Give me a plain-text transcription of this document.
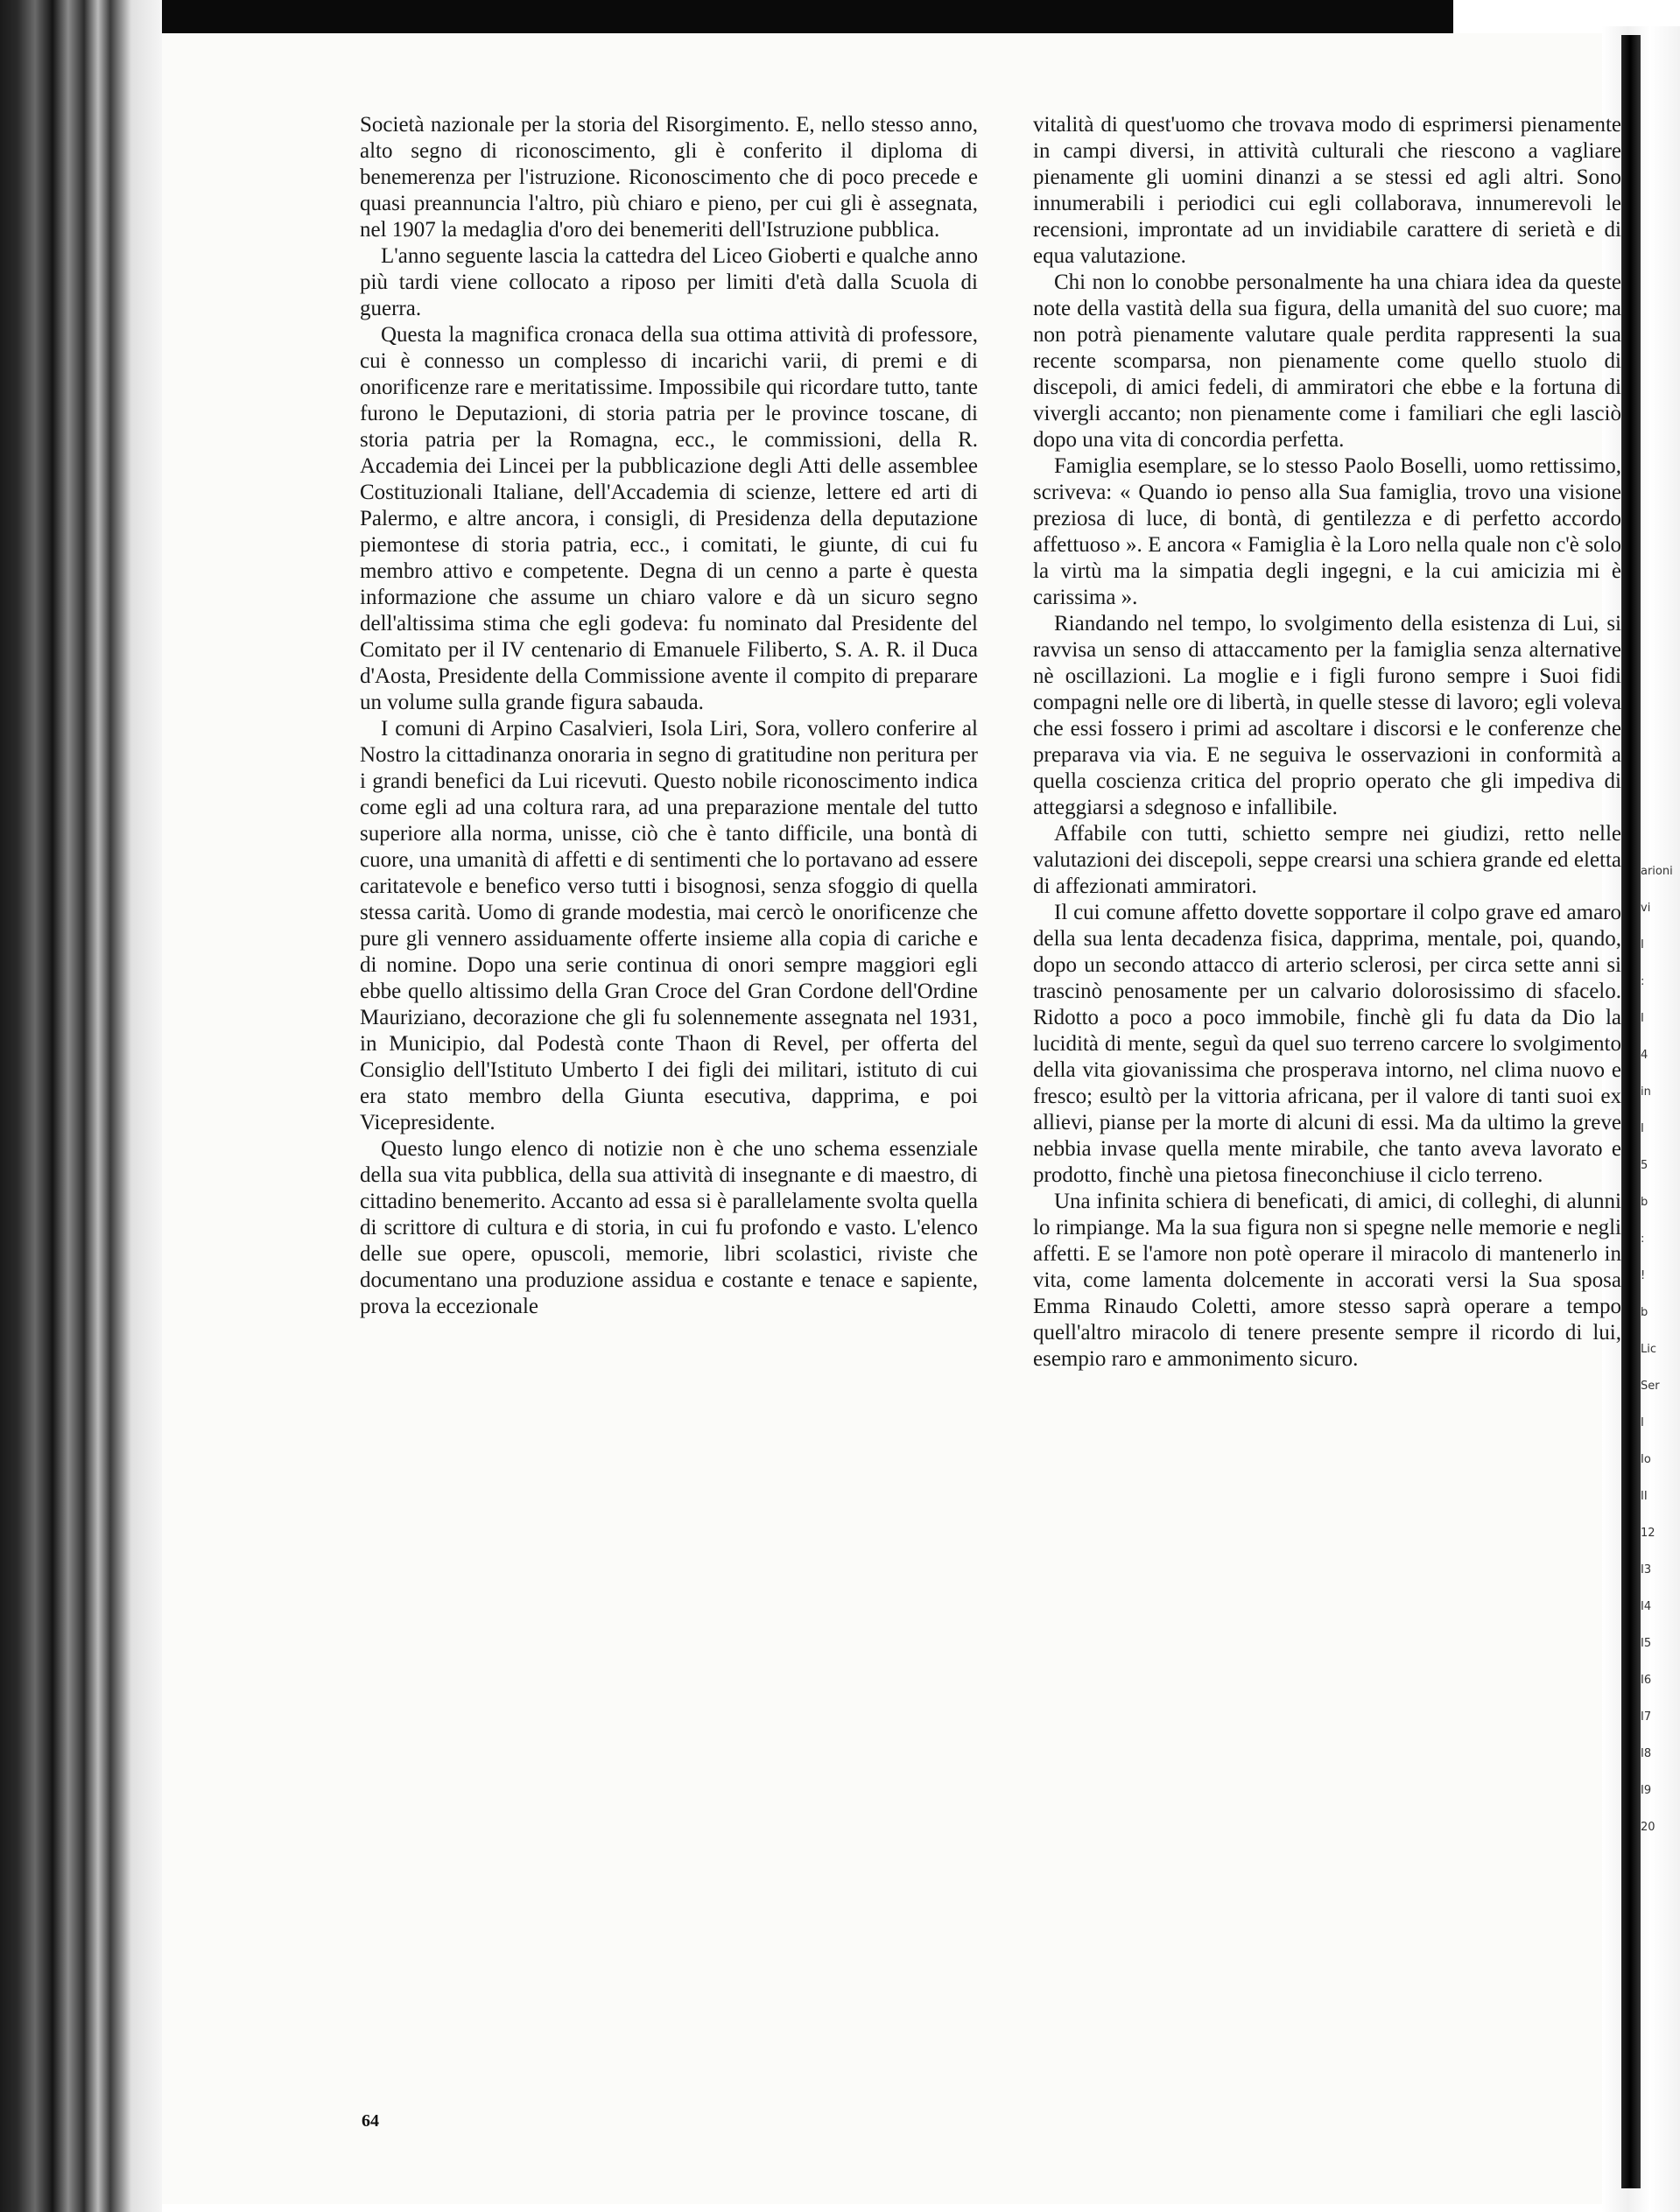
Società nazionale per la storia del Risorgimento. E, nello stesso anno, alto segno di riconoscimento, gli è conferito il diploma di benemerenza per l'istruzione. Riconoscimento che di poco precede e quasi preannuncia l'altro, più chiaro e pieno, per cui gli è assegnata, nel 1907 la medaglia d'oro dei benemeriti dell'Istruzione pubblica.

L'anno seguente lascia la cattedra del Liceo Gioberti e qualche anno più tardi viene collocato a riposo per limiti d'età dalla Scuola di guerra.

Questa la magnifica cronaca della sua ottima attività di professore, cui è connesso un complesso di incarichi varii, di premi e di onorificenze rare e meritatissime. Impossibile qui ricordare tutto, tante furono le Deputazioni, di storia patria per le province toscane, di storia patria per la Romagna, ecc., le commissioni, della R. Accademia dei Lincei per la pubblicazione degli Atti delle assemblee Costituzionali Italiane, dell'Accademia di scienze, lettere ed arti di Palermo, e altre ancora, i consigli, di Presidenza della deputazione piemontese di storia patria, ecc., i comitati, le giunte, di cui fu membro attivo e competente. Degna di un cenno a parte è questa informazione che assume un chiaro valore e dà un sicuro segno dell'altissima stima che egli godeva: fu nominato dal Presidente del Comitato per il IV centenario di Emanuele Filiberto, S. A. R. il Duca d'Aosta, Presidente della Commissione avente il compito di preparare un volume sulla grande figura sabauda.

I comuni di Arpino Casalvieri, Isola Liri, Sora, vollero conferire al Nostro la cittadinanza onoraria in segno di gratitudine non peritura per i grandi benefici da Lui ricevuti. Questo nobile riconoscimento indica come egli ad una coltura rara, ad una preparazione mentale del tutto superiore alla norma, unisse, ciò che è tanto difficile, una bontà di cuore, una umanità di affetti e di sentimenti che lo portavano ad essere caritatevole e benefico verso tutti i bisognosi, senza sfoggio di quella stessa carità. Uomo di grande modestia, mai cercò le onorificenze che pure gli vennero assiduamente offerte insieme alla copia di cariche e di nomine. Dopo una serie continua di onori sempre maggiori egli ebbe quello altissimo della Gran Croce del Gran Cordone dell'Ordine Mauriziano, decorazione che gli fu solennemente assegnata nel 1931, in Municipio, dal Podestà conte Thaon di Revel, per offerta del Consiglio dell'Istituto Umberto I dei figli dei militari, istituto di cui era stato membro della Giunta esecutiva, dapprima, e poi Vicepresidente.

Questo lungo elenco di notizie non è che uno schema essenziale della sua vita pubblica, della sua attività di insegnante e di maestro, di cittadino benemerito. Accanto ad essa si è parallelamente svolta quella di scrittore di cultura e di storia, in cui fu profondo e vasto. L'elenco delle sue opere, opuscoli, memorie, libri scolastici, riviste che documentano una produzione assidua e costante e tenace e sapiente, prova la eccezionale

vitalità di quest'uomo che trovava modo di esprimersi pienamente in campi diversi, in attività culturali che riescono a vagliare pienamente gli uomini dinanzi a se stessi ed agli altri. Sono innumerabili i periodici cui egli collaborava, innumerevoli le recensioni, improntate ad un invidiabile carattere di serietà e di equa valutazione.

Chi non lo conobbe personalmente ha una chiara idea da queste note della vastità della sua figura, della umanità del suo cuore; ma non potrà pienamente valutare quale perdita rappresenti la sua recente scomparsa, non pienamente come quello stuolo di discepoli, di amici fedeli, di ammiratori che ebbe e la fortuna di vivergli accanto; non pienamente come i familiari che egli lasciò dopo una vita di concordia perfetta.

Famiglia esemplare, se lo stesso Paolo Boselli, uomo rettissimo, scriveva: « Quando io penso alla Sua famiglia, trovo una visione preziosa di luce, di bontà, di gentilezza e di perfetto accordo affettuoso ». E ancora « Famiglia è la Loro nella quale non c'è solo la virtù ma la simpatia degli ingegni, e la cui amicizia mi è carissima ».

Riandando nel tempo, lo svolgimento della esistenza di Lui, si ravvisa un senso di attaccamento per la famiglia senza alternative nè oscillazioni. La moglie e i figli furono sempre i Suoi fidi compagni nelle ore di libertà, in quelle stesse di lavoro; egli voleva che essi fossero i primi ad ascoltare i discorsi e le conferenze che preparava via via. E ne seguiva le osservazioni in conformità a quella coscienza critica del proprio operato che gli impediva di atteggiarsi a sdegnoso e infallibile.

Affabile con tutti, schietto sempre nei giudizi, retto nelle valutazioni dei discepoli, seppe crearsi una schiera grande ed eletta di affezionati ammiratori.

Il cui comune affetto dovette sopportare il colpo grave ed amaro della sua lenta decadenza fisica, dapprima, mentale, poi, quando, dopo un secondo attacco di arterio sclerosi, per circa sette anni si trascinò penosamente per un calvario dolorosissimo di sfacelo. Ridotto a poco a poco immobile, finchè gli fu data da Dio la lucidità di mente, seguì da quel suo terreno carcere lo svolgimento della vita giovanissima che prosperava intorno, nel clima nuovo e fresco; esultò per la vittoria africana, per il valore di tanti suoi ex allievi, pianse per la morte di alcuni di essi. Ma da ultimo la greve nebbia invase quella mente mirabile, che tanto aveva lavorato e prodotto, finchè una pietosa fineconchiuse il ciclo terreno.

Una infinita schiera di beneficati, di amici, di colleghi, di alunni lo rimpiange. Ma la sua figura non si spegne nelle memorie e negli affetti. E se l'amore non potè operare il miracolo di mantenerlo in vita, come lamenta dolcemente in accorati versi la Sua sposa Emma Rinaudo Coletti, amore stesso saprà operare a tempo quell'altro miracolo di tenere presente sempre il ricordo di lui, esempio raro e ammonimento sicuro.

64
arioni
vi
I
:
I
4
in
I
5
b
:
!
b
Lic
Ser
I
Io
II
12
I3
I4
I5
I6
I7
I8
I9
20
